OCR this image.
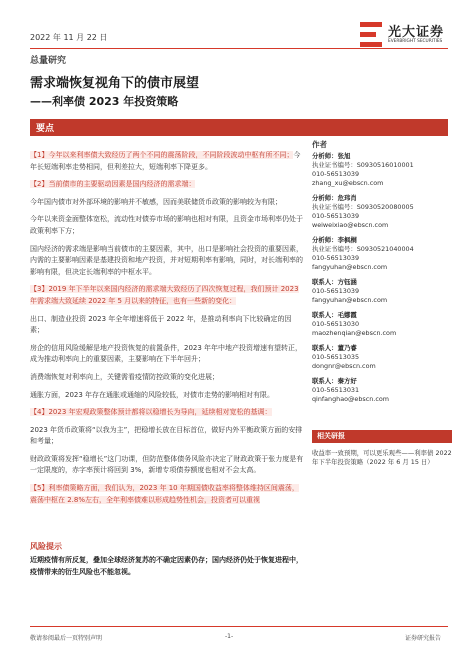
2022 年 11 月 22 日	光大证券
EVERBRIGHT SECURITIES
总量研究
需求端恢复视角下的债市展望
——利率债 2023 年投资策略
要点
【1】今年以来利率债大致经历了两个不同的震荡阶段，不同阶段波动中枢有所不同；今年长短端利率走势相同，但利差拉大，短端利率下降更多。
【2】当前债市的主要驱动因素是国内经济的需求端：
今年国内债市对外部环境的影响并不敏感，因而美联储货币政策的影响较为有限；
今年以来资金面整体宽松，流动性对债券市场的影响也相对有限，且资金市场利率仍处于政策利率下方；
国内经济的需求端是影响当前债市的主要因素，其中，出口是影响社会投资的重要因素，内需的主要影响因素是基建投资和地产投资，并对短期利率有影响，同时，对长端利率的影响有限，但决定长端利率的中枢水平。
【3】2019 年下半年以来国内经济的需求端大致经历了四次恢复过程，我们预计 2023 年需求端大致延续 2022 年 5 月以来的特征，也有一些新的变化：
出口、制造业投资 2023 年全年增速将低于 2022 年，是推动利率向下比较确定的因素；
房企的信用风险缓解是地产投资恢复的前置条件，2023 年年中地产投资增速有望转正，成为推动利率向上的重要因素，主要影响在下半年回升；
消费端恢复对利率向上，关键需看疫情防控政策的变化进展；
通胀方面，2023 年存在通胀或通缩的风险较低，对债市走势的影响相对有限。
【4】2023 年宏观政策整体预计都将以稳增长为导向，延续相对宽松的基调：
2023 年货币政策将“以我为主”，把稳增长放在目标首位，做好内外平衡政策方面的安排和考量；
财政政策将发挥“稳增长”这门功课，但防范整体债务风险亦决定了财政政策于张力度是有一定限度的，赤字率预计将回到 3%，新增专项债券额度也相对不会太高。
【5】利率债策略方面，我们认为，2023 年 10 年期国债收益率将整体维持区间震荡，震荡中枢在 2.8%左右，全年利率债难以形成趋势性机会，投资者可以重视
风险提示
近期疫情有所反复，叠加全球经济复苏的不确定因素仍存；国内经济仍处于恢复进程中，疫情带来的衍生风险也不能忽视。
作者
分析师：张旭
执业证书编号：S0930516010001
010-56513039
zhang_xu@ebscn.com
分析师：危玮肖
执业证书编号：S0930520080005
010-56513039
weiweixiao@ebscn.com
分析师：李枫桐
执业证书编号：S0930521040004
010-56513039
fangyuhan@ebscn.com
联系人：方钰涵
010-56513039
fangyuhan@ebscn.com
联系人：毛娜霞
010-56513030
maozhenqian@ebscn.com
联系人：董乃睿
010-56513035
dongnr@ebscn.com
联系人：秦方好
010-56513031
qinfanghao@ebscn.com
相关研报
收益率一致预期，可以更乐观些——利率债 2022 年下半年投资策略（2022 年 6 月 15 日）
敬请参阅最后一页特别声明	-1-	证券研究报告
